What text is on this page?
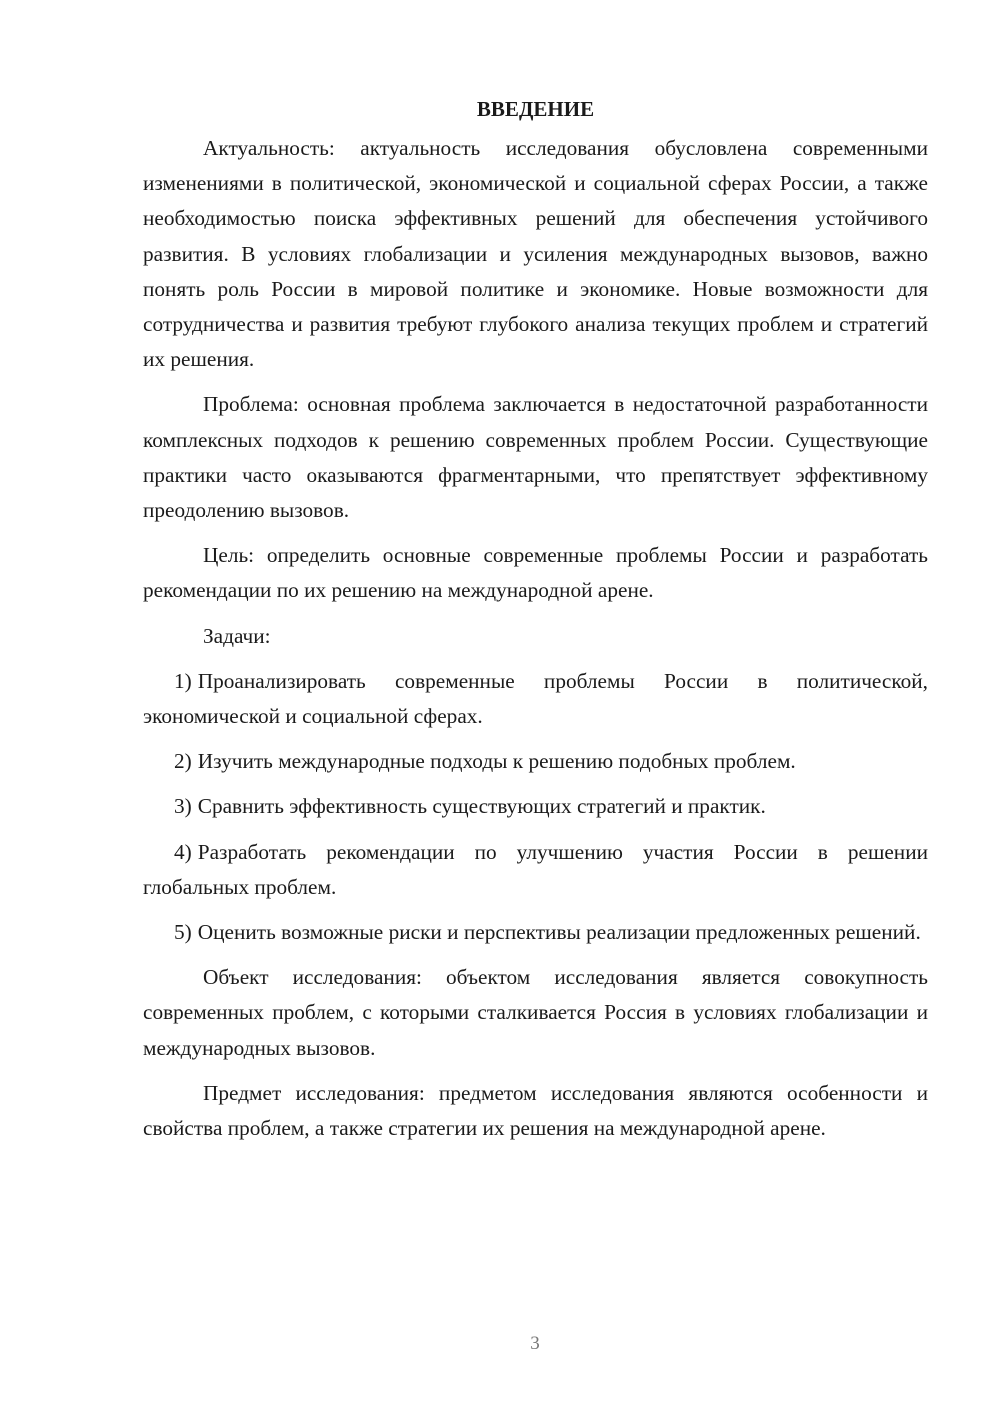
ВВЕДЕНИЕ

Актуальность: актуальность исследования обусловлена современными изменениями в политической, экономической и социальной сферах России, а также необходимостью поиска эффективных решений для обеспечения устойчивого развития. В условиях глобализации и усиления международных вызовов, важно понять роль России в мировой политике и экономике. Новые возможности для сотрудничества и развития требуют глубокого анализа текущих проблем и стратегий их решения.

Проблема: основная проблема заключается в недостаточной разработанности комплексных подходов к решению современных проблем России. Существующие практики часто оказываются фрагментарными, что препятствует эффективному преодолению вызовов.

Цель: определить основные современные проблемы России и разработать рекомендации по их решению на международной арене.

Задачи:

1) Проанализировать современные проблемы России в политической, экономической и социальной сферах.

2) Изучить международные подходы к решению подобных проблем.

3) Сравнить эффективность существующих стратегий и практик.

4) Разработать рекомендации по улучшению участия России в решении глобальных проблем.

5) Оценить возможные риски и перспективы реализации предложенных решений.

Объект исследования: объектом исследования является совокупность современных проблем, с которыми сталкивается Россия в условиях глобализации и международных вызовов.

Предмет исследования: предметом исследования являются особенности и свойства проблем, а также стратегии их решения на международной арене.

3
